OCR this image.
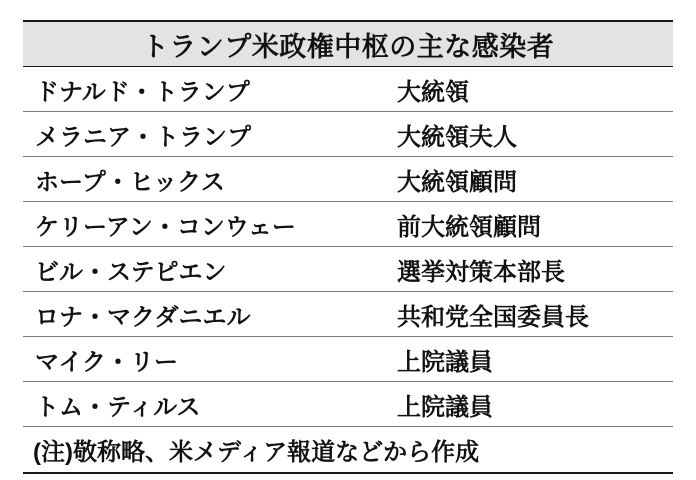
トランプ米政権中枢の主な感染者
ドナルド・トランプ	大統領
メラニア・トランプ	大統領夫人
ホープ・ヒックス	大統領顧問
ケリーアン・コンウェー	前大統領顧問
ビル・ステピエン	選挙対策本部長
ロナ・マクダニエル	共和党全国委員長
マイク・リー	上院議員
トム・ティルス	上院議員
(注)敬称略、米メディア報道などから作成
